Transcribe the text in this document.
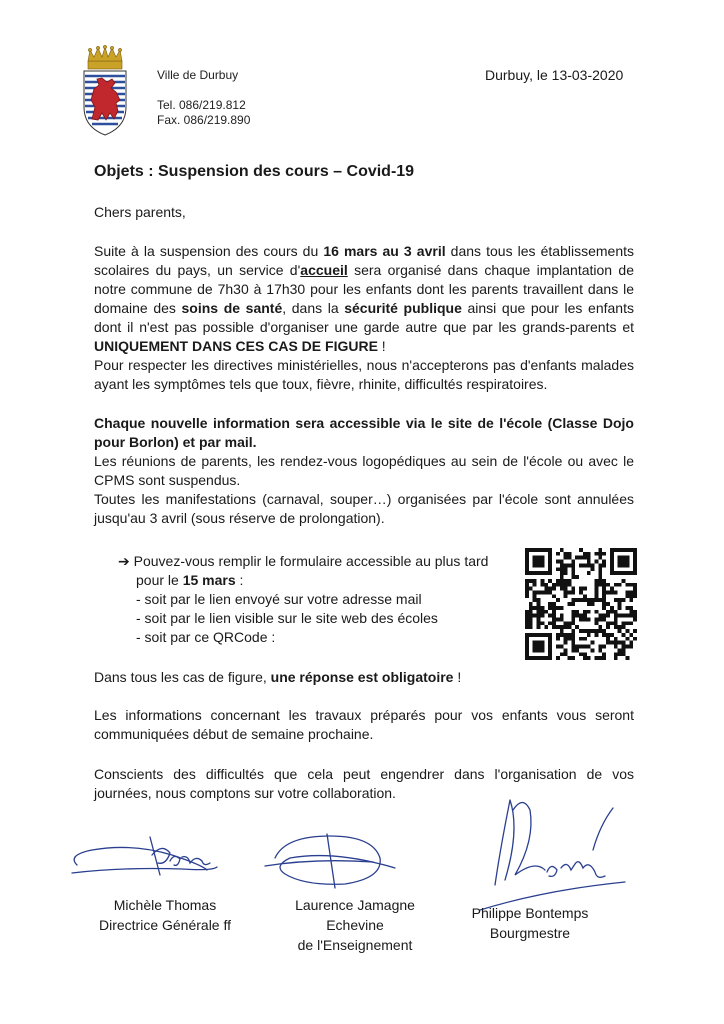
Ville de Durbuy
Tel. 086/219.812
Fax. 086/219.890
Durbuy, le 13-03-2020
Objets : Suspension des cours – Covid-19
Chers parents,
Suite à la suspension des cours du 16 mars au 3 avril dans tous les établissements scolaires du pays, un service d'accueil sera organisé dans chaque implantation de notre commune de 7h30 à 17h30 pour les enfants dont les parents travaillent dans le domaine des soins de santé, dans la sécurité publique ainsi que pour les enfants dont il n'est pas possible d'organiser une garde autre que par les grands-parents et UNIQUEMENT DANS CES CAS DE FIGURE !
Pour respecter les directives ministérielles, nous n'accepterons pas d'enfants malades ayant les symptômes tels que toux, fièvre, rhinite, difficultés respiratoires.
Chaque nouvelle information sera accessible via le site de l'école (Classe Dojo pour Borlon) et par mail.
Les réunions de parents, les rendez-vous logopédiques au sein de l'école ou avec le CPMS sont suspendus.
Toutes les manifestations (carnaval, souper…) organisées par l'école sont annulées jusqu'au 3 avril (sous réserve de prolongation).
➔ Pouvez-vous remplir le formulaire accessible au plus tard
pour le 15 mars :
- soit par le lien envoyé sur votre adresse mail
- soit par le lien visible sur le site web des écoles
- soit par ce QRCode :
Dans tous les cas de figure, une réponse est obligatoire !
Les informations concernant les travaux préparés pour vos enfants vous seront communiquées début de semaine prochaine.
Conscients des difficultés que cela peut engendrer dans l'organisation de vos journées, nous comptons sur votre collaboration.
Michèle Thomas
Directrice Générale ff
Laurence Jamagne
Echevine
de l'Enseignement
Philippe Bontemps
Bourgmestre
